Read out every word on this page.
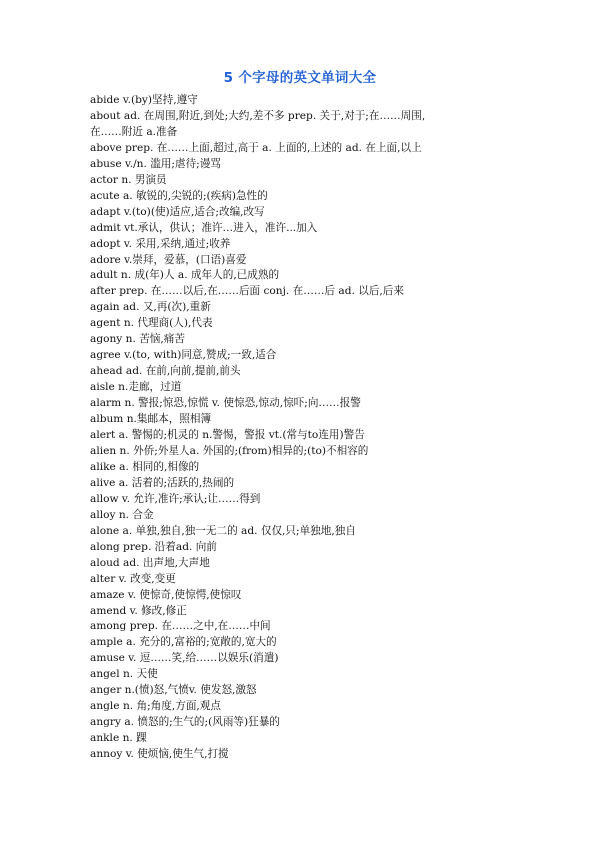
5 个字母的英文单词大全
abide v.(by)坚持,遵守
about ad. 在周围,附近,到处;大约,差不多 prep. 关于,对于;在……周围,
在……附近 a.准备
above prep. 在……上面,超过,高于 a. 上面的,上述的 ad. 在上面,以上
abuse v./n. 滥用;虐待;谩骂
actor n. 男演员
acute a. 敏锐的,尖锐的;(疾病)急性的
adapt v.(to)(使)适应,适合;改编,改写
admit vt.承认，供认；准许…进入，准许...加入
adopt v. 采用,采纳,通过;收养
adore v.崇拜，爱慕，(口语)喜爱
adult n. 成(年)人 a. 成年人的,已成熟的
after prep. 在……以后,在……后面 conj. 在……后 ad. 以后,后来
again ad. 又,再(次),重新
agent n. 代理商(人),代表
agony n. 苦恼,痛苦
agree v.(to, with)同意,赞成;一致,适合
ahead ad. 在前,向前,提前,前头
aisle n.走廊，过道
alarm n. 警报;惊恐,惊慌 v. 使惊恐,惊动,惊吓;向……报警
album n.集邮本，照相簿
alert a. 警惕的;机灵的 n.警惕，警报 vt.(常与to连用)警告
alien n. 外侨;外星人a. 外国的;(from)相异的;(to)不相容的
alike a. 相同的,相像的
alive a. 活着的;活跃的,热闹的
allow v. 允许,准许;承认;让……得到
alloy n. 合金
alone a. 单独,独自,独一无二的 ad. 仅仅,只;单独地,独自
along prep. 沿着ad. 向前
aloud ad. 出声地,大声地
alter v. 改变,变更
amaze v. 使惊奇,使惊愕,使惊叹
amend v. 修改,修正
among prep. 在……之中,在……中间
ample a. 充分的,富裕的;宽敞的,宽大的
amuse v. 逗……笑,给……以娱乐(消遣)
angel n. 天使
anger n.(愤)怒,气愤v. 使发怒,激怒
angle n. 角;角度,方面,观点
angry a. 愤怒的;生气的;(风雨等)狂暴的
ankle n. 踝
annoy v. 使烦恼,使生气,打搅
